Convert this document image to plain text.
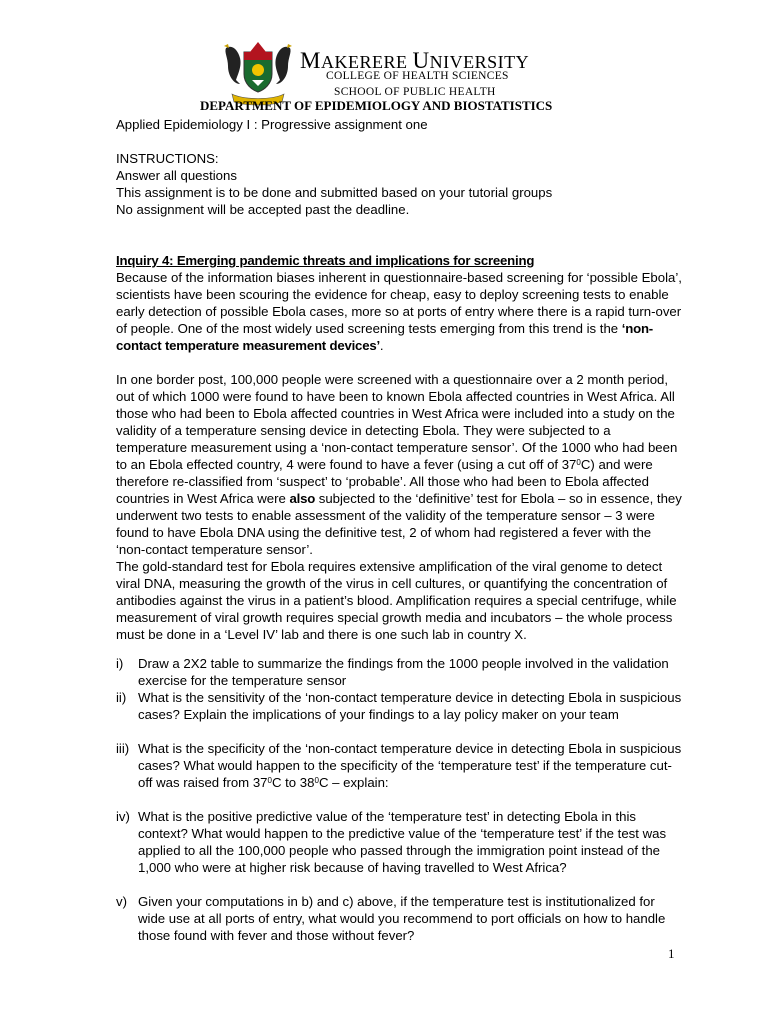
MAKERERE UNIVERSITY
COLLEGE OF HEALTH SCIENCES
SCHOOL OF PUBLIC HEALTH
DEPARTMENT OF EPIDEMIOLOGY AND BIOSTATISTICS

Applied Epidemiology I : Progressive assignment one

INSTRUCTIONS:

Answer all questions

This assignment is to be done and submitted based on your tutorial groups

No assignment will be accepted past the deadline.

Inquiry 4: Emerging pandemic threats and implications for screening

Because of the information biases inherent in questionnaire-based screening for ‘possible Ebola’, scientists have been scouring the evidence for cheap, easy to deploy screening tests to enable early detection of possible Ebola cases, more so at ports of entry where there is a rapid turn-over of people. One of the most widely used screening tests emerging from this trend is the ‘non-contact temperature measurement devices’.

In one border post, 100,000 people were screened with a questionnaire over a 2 month period, out of which 1000 were found to have been to known Ebola affected countries in West Africa. All those who had been to Ebola affected countries in West Africa were included into a study on the validity of a temperature sensing device in detecting Ebola. They were subjected to a temperature measurement using a ‘non-contact temperature sensor’. Of the 1000 who had been to an Ebola effected country, 4 were found to have a fever (using a cut off of $37^0C$) and were therefore re-classified from ‘suspect’ to ‘probable’. All those who had been to Ebola affected countries in West Africa were also subjected to the ‘definitive’ test for Ebola – so in essence, they underwent two tests to enable assessment of the validity of the temperature sensor – 3 were found to have Ebola DNA using the definitive test, 2 of whom had registered a fever with the ‘non-contact temperature sensor’.

The gold-standard test for Ebola requires extensive amplification of the viral genome to detect viral DNA, measuring the growth of the virus in cell cultures, or quantifying the concentration of antibodies against the virus in a patient’s blood. Amplification requires a special centrifuge, while measurement of viral growth requires special growth media and incubators – the whole process must be done in a ‘Level IV’ lab and there is one such lab in country X.

i) Draw a 2X2 table to summarize the findings from the 1000 people involved in the validation exercise for the temperature sensor
ii) What is the sensitivity of the ‘non-contact temperature device in detecting Ebola in suspicious cases? Explain the implications of your findings to a lay policy maker on your team
iii) What is the specificity of the ‘non-contact temperature device in detecting Ebola in suspicious cases? What would happen to the specificity of the ‘temperature test’ if the temperature cut-off was raised from $37^0C$ to $38^0C$ – explain:
iv) What is the positive predictive value of the ‘temperature test’ in detecting Ebola in this context? What would happen to the predictive value of the ‘temperature test’ if the test was applied to all the 100,000 people who passed through the immigration point instead of the 1,000 who were at higher risk because of having travelled to West Africa?
v) Given your computations in b) and c) above, if the temperature test is institutionalized for wide use at all ports of entry, what would you recommend to port officials on how to handle those found with fever and those without fever?
1
